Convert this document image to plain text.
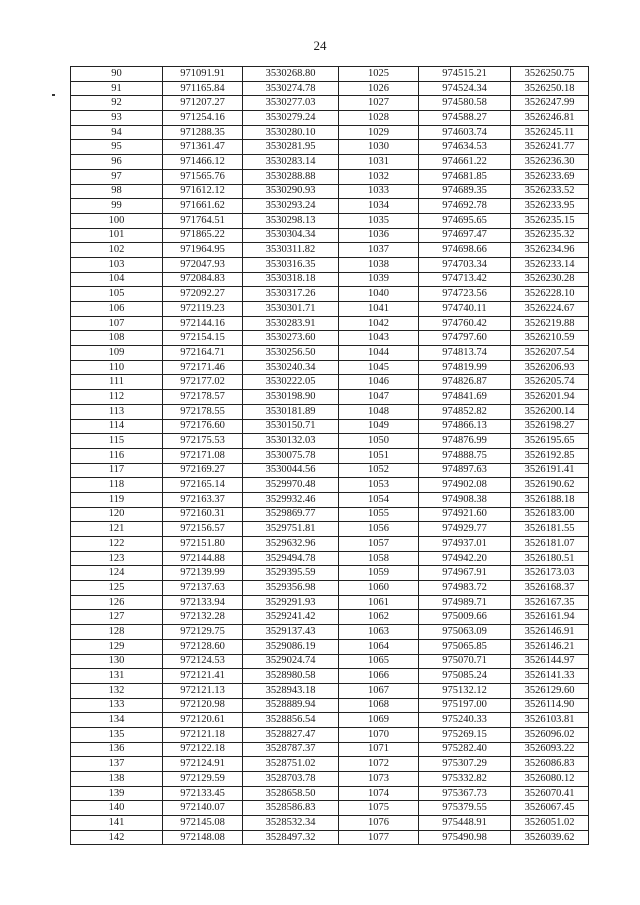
24
90	971091.91	3530268.80	1025	974515.21	3526250.75
91	971165.84	3530274.78	1026	974524.34	3526250.18
92	971207.27	3530277.03	1027	974580.58	3526247.99
93	971254.16	3530279.24	1028	974588.27	3526246.81
94	971288.35	3530280.10	1029	974603.74	3526245.11
95	971361.47	3530281.95	1030	974634.53	3526241.77
96	971466.12	3530283.14	1031	974661.22	3526236.30
97	971565.76	3530288.88	1032	974681.85	3526233.69
98	971612.12	3530290.93	1033	974689.35	3526233.52
99	971661.62	3530293.24	1034	974692.78	3526233.95
100	971764.51	3530298.13	1035	974695.65	3526235.15
101	971865.22	3530304.34	1036	974697.47	3526235.32
102	971964.95	3530311.82	1037	974698.66	3526234.96
103	972047.93	3530316.35	1038	974703.34	3526233.14
104	972084.83	3530318.18	1039	974713.42	3526230.28
105	972092.27	3530317.26	1040	974723.56	3526228.10
106	972119.23	3530301.71	1041	974740.11	3526224.67
107	972144.16	3530283.91	1042	974760.42	3526219.88
108	972154.15	3530273.60	1043	974797.60	3526210.59
109	972164.71	3530256.50	1044	974813.74	3526207.54
110	972171.46	3530240.34	1045	974819.99	3526206.93
111	972177.02	3530222.05	1046	974826.87	3526205.74
112	972178.57	3530198.90	1047	974841.69	3526201.94
113	972178.55	3530181.89	1048	974852.82	3526200.14
114	972176.60	3530150.71	1049	974866.13	3526198.27
115	972175.53	3530132.03	1050	974876.99	3526195.65
116	972171.08	3530075.78	1051	974888.75	3526192.85
117	972169.27	3530044.56	1052	974897.63	3526191.41
118	972165.14	3529970.48	1053	974902.08	3526190.62
119	972163.37	3529932.46	1054	974908.38	3526188.18
120	972160.31	3529869.77	1055	974921.60	3526183.00
121	972156.57	3529751.81	1056	974929.77	3526181.55
122	972151.80	3529632.96	1057	974937.01	3526181.07
123	972144.88	3529494.78	1058	974942.20	3526180.51
124	972139.99	3529395.59	1059	974967.91	3526173.03
125	972137.63	3529356.98	1060	974983.72	3526168.37
126	972133.94	3529291.93	1061	974989.71	3526167.35
127	972132.28	3529241.42	1062	975009.66	3526161.94
128	972129.75	3529137.43	1063	975063.09	3526146.91
129	972128.60	3529086.19	1064	975065.85	3526146.21
130	972124.53	3529024.74	1065	975070.71	3526144.97
131	972121.41	3528980.58	1066	975085.24	3526141.33
132	972121.13	3528943.18	1067	975132.12	3526129.60
133	972120.98	3528889.94	1068	975197.00	3526114.90
134	972120.61	3528856.54	1069	975240.33	3526103.81
135	972121.18	3528827.47	1070	975269.15	3526096.02
136	972122.18	3528787.37	1071	975282.40	3526093.22
137	972124.91	3528751.02	1072	975307.29	3526086.83
138	972129.59	3528703.78	1073	975332.82	3526080.12
139	972133.45	3528658.50	1074	975367.73	3526070.41
140	972140.07	3528586.83	1075	975379.55	3526067.45
141	972145.08	3528532.34	1076	975448.91	3526051.02
142	972148.08	3528497.32	1077	975490.98	3526039.62
